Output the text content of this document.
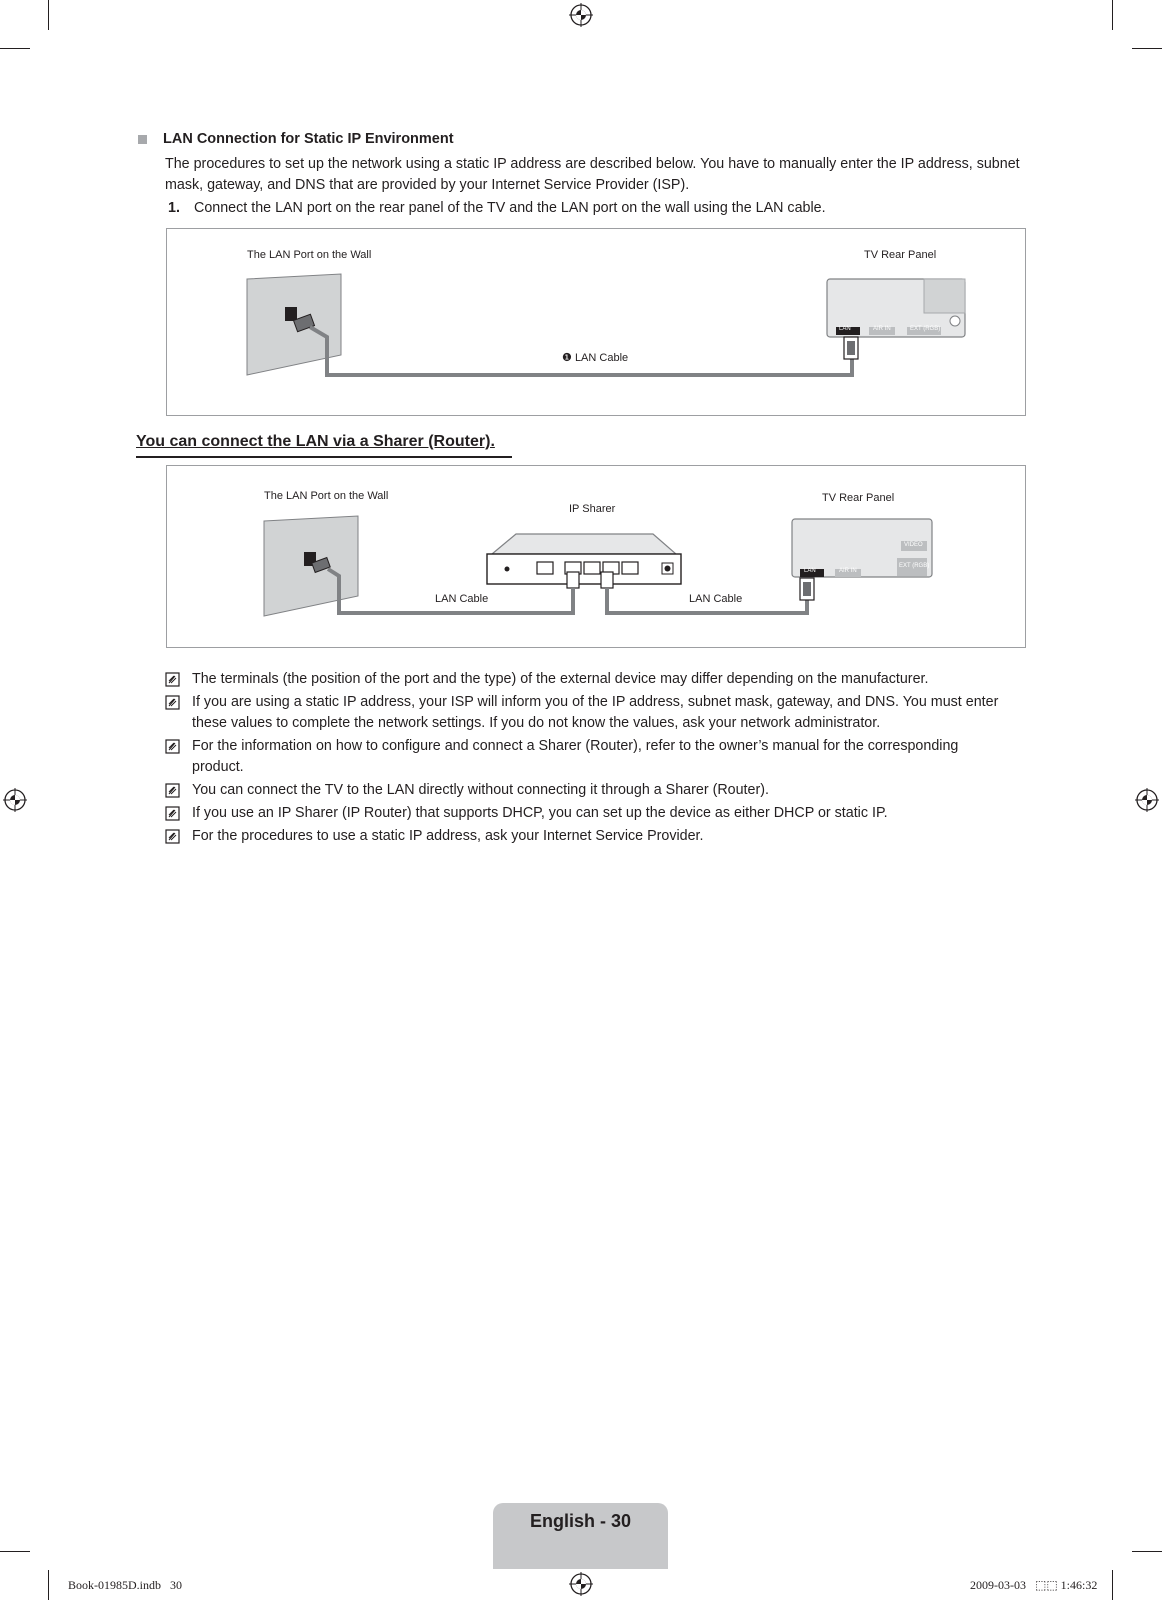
LAN Connection for Static IP Environment
The procedures to set up the network using a static IP address are described below. You have to manually enter the IP address, subnet mask, gateway, and DNS that are provided by your Internet Service Provider (ISP).
1. Connect the LAN port on the rear panel of the TV and the LAN port on the wall using the LAN cable.
The LAN Port on the Wall	TV Rear Panel
LAN	AIR IN	EXT (RGB)
❶ LAN Cable
You can connect the LAN via a Sharer (Router).
The LAN Port on the Wall
IP Sharer
TV Rear Panel
VIDEO
EXT (RGB)
LAN	AIR IN
LAN Cable	LAN Cable
The terminals (the position of the port and the type) of the external device may differ depending on the manufacturer.
If you are using a static IP address, your ISP will inform you of the IP address, subnet mask, gateway, and DNS. You must enter these values to complete the network settings. If you do not know the values, ask your network administrator.
For the information on how to configure and connect a Sharer (Router), refer to the owner’s manual for the corresponding product.
You can connect the TV to the LAN directly without connecting it through a Sharer (Router).
If you use an IP Sharer (IP Router) that supports DHCP, you can set up the device as either DHCP or static IP.
For the procedures to use a static IP address, ask your Internet Service Provider.
English - 30
Book-01985D.indb   30	2009-03-03   ⬚⬚ 1:46:32
